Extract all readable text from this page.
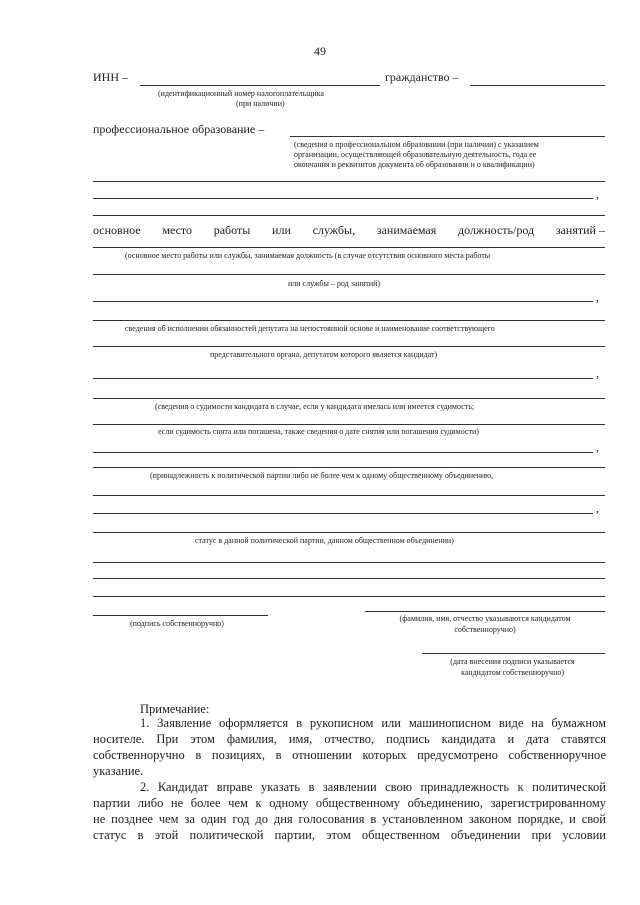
49
ИНН –	гражданство –
(идентификационный номер налогоплательщика
(при наличии)
профессиональное образование –
(сведения о профессиональном образовании (при наличии) с указанием
организации, осуществляющей образовательную деятельность, года ее
окончания и реквизитов документа об образовании и о квалификации)
,
основное место работы или службы, занимаемая должность/род занятий –
(основное место работы или службы, занимаемая должность (в случае отсутствия основного места работы
или службы – род занятий)
,
сведения об исполнении обязанностей депутата на непостоянной основе и наименование соответствующего
представительного органа, депутатом которого является кандидат)
,
(сведения о судимости кандидата в случае, если у кандидата имелась или имеется судимость;
если судимость снята или погашена, также сведения о дате снятия или погашения судимости)
,
(принадлежность к политической партии либо не более чем к одному общественному объединению,
,
статус в данной политической партии, данном общественном объединении)
(подпись собственноручно)
(фамилия, имя, отчество указываются кандидатом
собственноручно)
(дата внесения подписи указывается
кандидатом собственноручно)
Примечание:
1. Заявление оформляется в рукописном или машинописном виде на бумажном
носителе. При этом фамилия, имя, отчество, подпись кандидата и дата ставятся
собственноручно в позициях, в отношении которых предусмотрено собственноручное
указание.
2. Кандидат вправе указать в заявлении свою принадлежность к политической
партии либо не более чем к одному общественному объединению, зарегистрированному
не позднее чем за один год до дня голосования в установленном законом порядке, и свой
статус в этой политической партии, этом общественном объединении при условии
